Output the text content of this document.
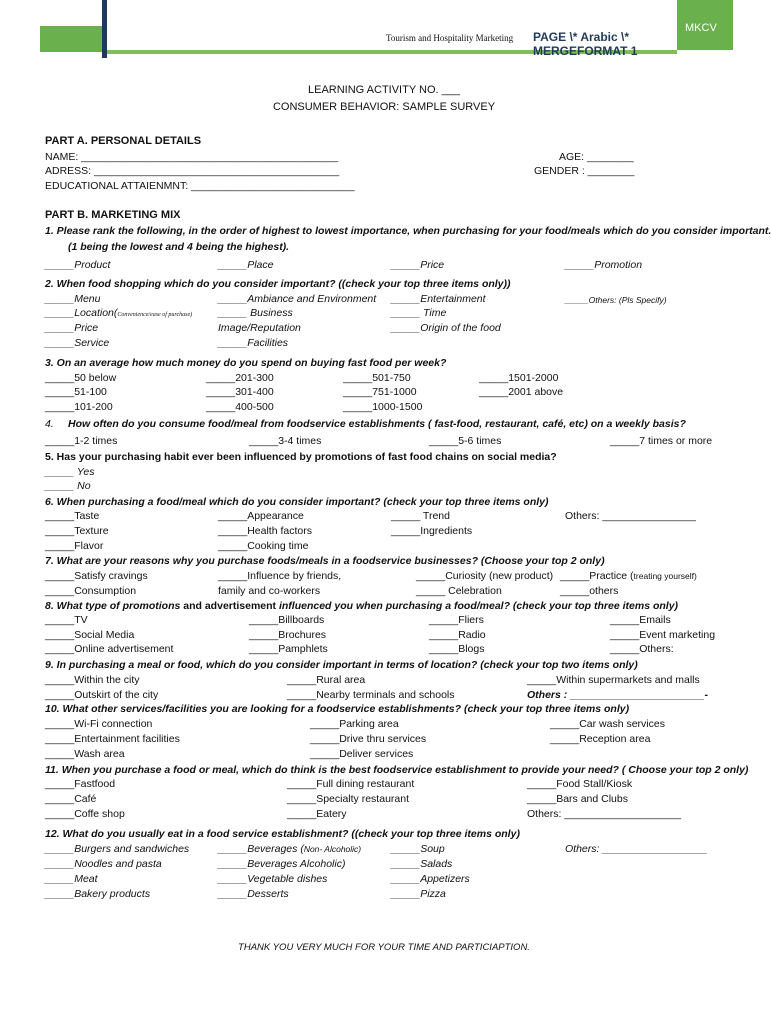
MKCV
Tourism and Hospitality Marketing PAGE \* Arabic \*
LEARNING ACTIVITY NO. ___
CONSUMER BEHAVIOR: SAMPLE SURVEY
PART A. PERSONAL DETAILS
NAME: ____________________________________________
ADRESS: __________________________________________
EDUCATIONAL ATTAIENMNT: ____________________________
AGE: ________
GENDER : ________
PART B. MARKETING MIX
1. Please rank the following, in the order of highest to lowest importance, when purchasing for your food/meals which do you consider important.
(1 being the lowest and 4 being the highest).
_____Product	_____Place	_____Price	_____Promotion
2. When food shopping which do you consider important? ((check your top three items only))
_____Menu	_____Ambiance and Environment _____Entertainment	_____Others: (Pls Specify)
_____Location(Convenience/ease of purchase) _____ Business	_____ Time
_____Price	Image/Reputation	_____Origin of the food
_____Service	_____Facilities
3. On an average how much money do you spend on buying fast food per week?
_____50 below	_____201-300	_____501-750	_____1501-2000
_____51-100	_____301-400	_____751-1000	_____2001 above
_____101-200	_____400-500	_____1000-1500
4. How often do you consume food/meal from foodservice establishments ( fast-food, restaurant, café, etc) on a weekly basis?
_____1-2 times	_____3-4 times	_____5-6 times	_____7 times or more
5. Has your purchasing habit ever been influenced by promotions of fast food chains on social media?
_____ Yes
_____ No
6. When purchasing a food/meal which do you consider important? (check your top three items only)
_____Taste	_____Appearance	_____ Trend	Others: ________________
_____Texture	_____Health factors	_____Ingredients
_____Flavor	_____Cooking time
7. What are your reasons why you purchase foods/meals in a foodservice businesses? (Choose your top 2 only)
_____Satisfy cravings	_____Influence by friends,	_____Curiosity (new product) _____Practice (treating yourself)
_____Consumption	family and co-workers	_____ Celebration	_____others
8. What type of promotions and advertisement influenced you when purchasing a food/meal? (check your top three items only)
_____TV	_____Billboards	_____Fliers	_____Emails
_____Social Media	_____Brochures	_____Radio	_____Event marketing
_____Online advertisement	_____Pamphlets	_____Blogs	_____Others:
9. In purchasing a meal or food, which do you consider important in terms of location? (check your top two items only)
_____Within the city	_____Rural area	_____Within supermarkets and malls
_____Outskirt of the city	_____Nearby terminals and schools	Others : _______________________-
10. What other services/facilities you are looking for a foodservice establishments? (check your top three items only)
_____Wi-Fi connection	_____Parking area	_____Car wash services
_____Entertainment facilities	_____Drive thru services	_____Reception area
_____Wash area	_____Deliver services
11. When you purchase a food or meal, which do think is the best foodservice establishment to provide your need? ( Choose your top 2 only)
_____Fastfood	_____Full dining restaurant	_____Food Stall/Kiosk
_____Café	_____Specialty restaurant	_____Bars and Clubs
_____Coffe shop	_____Eatery	Others: ____________________
12. What do you usually eat in a food service establishment? ((check your top three items only)
_____Burgers and sandwiches	_____Beverages (Non- Alcoholic)	_____Soup	Others: __________________
_____Noodles and pasta	_____Beverages Alcoholic)	_____Salads
_____Meat	_____Vegetable dishes	_____Appetizers
_____Bakery products	_____Desserts	_____Pizza
THANK YOU VERY MUCH FOR YOUR TIME AND PARTICIAPTION.
